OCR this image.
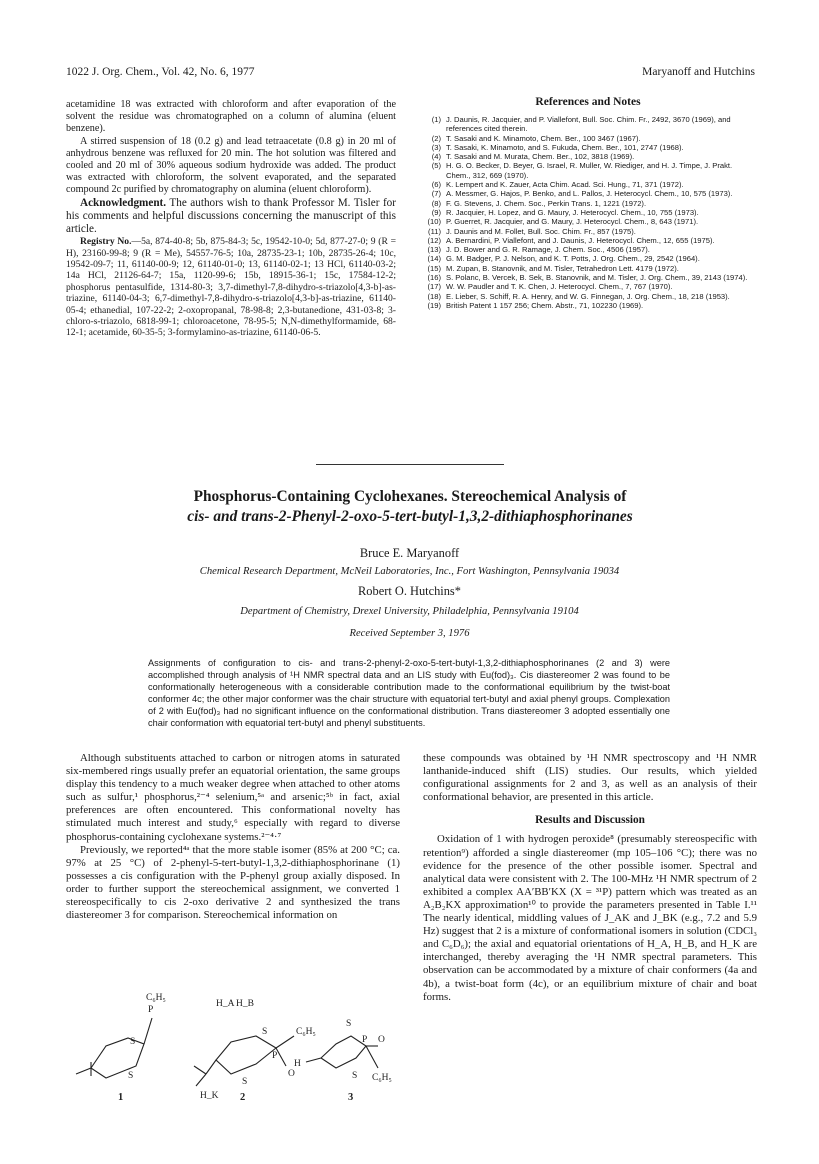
1022 J. Org. Chem., Vol. 42, No. 6, 1977	Maryanoff and Hutchins

acetamidine 18 was extracted with chloroform and after evaporation of the solvent the residue was chromatographed on a column of alumina (eluent benzene).

A stirred suspension of 18 (0.2 g) and lead tetraacetate (0.8 g) in 20 ml of anhydrous benzene was refluxed for 20 min. The hot solution was filtered and cooled and 20 ml of 30% aqueous sodium hydroxide was added. The product was extracted with chloroform, the solvent evaporated, and the separated compound 2c purified by chromatography on alumina (eluent chloroform).

Acknowledgment. The authors wish to thank Professor M. Tisler for his comments and helpful discussions concerning the manuscript of this article.

Registry No.—5a, 874-40-8; 5b, 875-84-3; 5c, 19542-10-0; 5d, 877-27-0; 9 (R = H), 23160-99-8; 9 (R = Me), 54557-76-5; 10a, 28735-23-1; 10b, 28735-26-4; 10c, 19542-09-7; 11, 61140-00-9; 12, 61140-01-0; 13, 61140-02-1; 13 HCl, 61140-03-2; 14a HCl, 21126-64-7; 15a, 1120-99-6; 15b, 18915-36-1; 15c, 17584-12-2; phosphorus pentasulfide, 1314-80-3; 3,7-dimethyl-7,8-dihydro-s-triazolo[4,3-b]-as-triazine, 61140-04-3; 6,7-dimethyl-7,8-dihydro-s-triazolo[4,3-b]-as-triazine, 61140-05-4; ethanedial, 107-22-2; 2-oxopropanal, 78-98-8; 2,3-butanedione, 431-03-8; 3-chloro-s-triazolo, 6818-99-1; chloroacetone, 78-95-5; N,N-dimethylformamide, 68-12-1; acetamide, 60-35-5; 3-formylamino-as-triazine, 61140-06-5.

References and Notes
(1) J. Daunis, R. Jacquier, and P. Viallefont, Bull. Soc. Chim. Fr., 2492, 3670 (1969), and references cited therein.
(2) T. Sasaki and K. Minamoto, Chem. Ber., 100 3467 (1967).
(3) T. Sasaki, K. Minamoto, and S. Fukuda, Chem. Ber., 101, 2747 (1968).
(4) T. Sasaki and M. Murata, Chem. Ber., 102, 3818 (1969).
(5) H. G. O. Becker, D. Beyer, G. Israel, R. Muller, W. Riediger, and H. J. Timpe, J. Prakt. Chem., 312, 669 (1970).
(6) K. Lempert and K. Zauer, Acta Chim. Acad. Sci. Hung., 71, 371 (1972).
(7) A. Messmer, G. Hajos, P. Benko, and L. Pallos, J. Heterocycl. Chem., 10, 575 (1973).
(8) F. G. Stevens, J. Chem. Soc., Perkin Trans. 1, 1221 (1972).
(9) R. Jacquier, H. Lopez, and G. Maury, J. Heterocycl. Chem., 10, 755 (1973).
(10) P. Guerret, R. Jacquier, and G. Maury, J. Heterocycl. Chem., 8, 643 (1971).
(11) J. Daunis and M. Follet, Bull. Soc. Chim. Fr., 857 (1975).
(12) A. Bernardini, P. Viallefont, and J. Daunis, J. Heterocycl. Chem., 12, 655 (1975).
(13) J. D. Bower and G. R. Ramage, J. Chem. Soc., 4506 (1957).
(14) G. M. Badger, P. J. Nelson, and K. T. Potts, J. Org. Chem., 29, 2542 (1964).
(15) M. Zupan, B. Stanovnik, and M. Tisler, Tetrahedron Lett. 4179 (1972).
(16) S. Polanc, B. Vercek, B. Sek, B. Stanovnik, and M. Tisler, J. Org. Chem., 39, 2143 (1974).
(17) W. W. Paudler and T. K. Chen, J. Heterocycl. Chem., 7, 767 (1970).
(18) E. Lieber, S. Schiff, R. A. Henry, and W. G. Finnegan, J. Org. Chem., 18, 218 (1953).
(19) British Patent 1 157 256; Chem. Abstr., 71, 102230 (1969).
Phosphorus-Containing Cyclohexanes. Stereochemical Analysis of
cis- and trans-2-Phenyl-2-oxo-5-tert-butyl-1,3,2-dithiaphosphorinanes
Bruce E. Maryanoff
Chemical Research Department, McNeil Laboratories, Inc., Fort Washington, Pennsylvania 19034
Robert O. Hutchins*
Department of Chemistry, Drexel University, Philadelphia, Pennsylvania 19104
Received September 3, 1976
Assignments of configuration to cis- and trans-2-phenyl-2-oxo-5-tert-butyl-1,3,2-dithiaphosphorinanes (2 and 3) were accomplished through analysis of ¹H NMR spectral data and an LIS study with Eu(fod)₃. Cis diastereomer 2 was found to be conformationally heterogeneous with a considerable contribution made to the conformational equilibrium by the twist-boat conformer 4c; the other major conformer was the chair structure with equatorial tert-butyl and axial phenyl groups. Complexation of 2 with Eu(fod)₃ had no significant influence on the conformational distribution. Trans diastereomer 3 adopted essentially one chair conformation with equatorial tert-butyl and phenyl substituents.

Although substituents attached to carbon or nitrogen atoms in saturated six-membered rings usually prefer an equatorial orientation, the same groups display this tendency to a much weaker degree when attached to other atoms such as sulfur,¹ phosphorus,²⁻⁴ selenium,⁵ᵃ and arsenic;⁵ᵇ in fact, axial preferences are often encountered. This conformational novelty has stimulated much interest and study,⁶ especially with regard to diverse phosphorus-containing cyclohexane systems.²⁻⁴·⁷

Previously, we reported⁴ᵃ that the more stable isomer (85% at 200 °C; ca. 97% at 25 °C) of 2-phenyl-5-tert-butyl-1,3,2-dithiaphosphorinane (1) possesses a cis configuration with the P-phenyl group axially disposed. In order to further support the stereochemical assignment, we converted 1 stereospecifically to cis 2-oxo derivative 2 and synthesized the trans diastereomer 3 for comparison. Stereochemical information on

these compounds was obtained by ¹H NMR spectroscopy and ¹H NMR lanthanide-induced shift (LIS) studies. Our results, which yielded configurational assignments for 2 and 3, as well as an analysis of their conformational behavior, are presented in this article.

Results and Discussion

Oxidation of 1 with hydrogen peroxide⁸ (presumably stereospecific with retention⁹) afforded a single diastereomer (mp 105–106 °C); there was no evidence for the presence of the other possible isomer. Spectral and analytical data were consistent with 2. The 100-MHz ¹H NMR spectrum of 2 exhibited a complex AA′BB′KX (X = ³¹P) pattern which was treated as an A₂B₂KX approximation¹⁰ to provide the parameters presented in Table I.¹¹ The nearly identical, middling values of J_AK and J_BK (e.g., 7.2 and 5.9 Hz) suggest that 2 is a mixture of conformational isomers in solution (CDCl₃ and C₆D₆); the axial and equatorial orientations of H_A, H_B, and H_K are interchanged, thereby averaging the ¹H NMR spectral parameters. This observation can be accommodated by a mixture of chair conformers (4a and 4b), a twist-boat form (4c), or an equilibrium mixture of chair and boat forms.

C₆H₅
P
S
S
H_A H_B
S	C₆H₅
P
O
H_K
S
S
P O
H
S C₆H₅
1	2	3
